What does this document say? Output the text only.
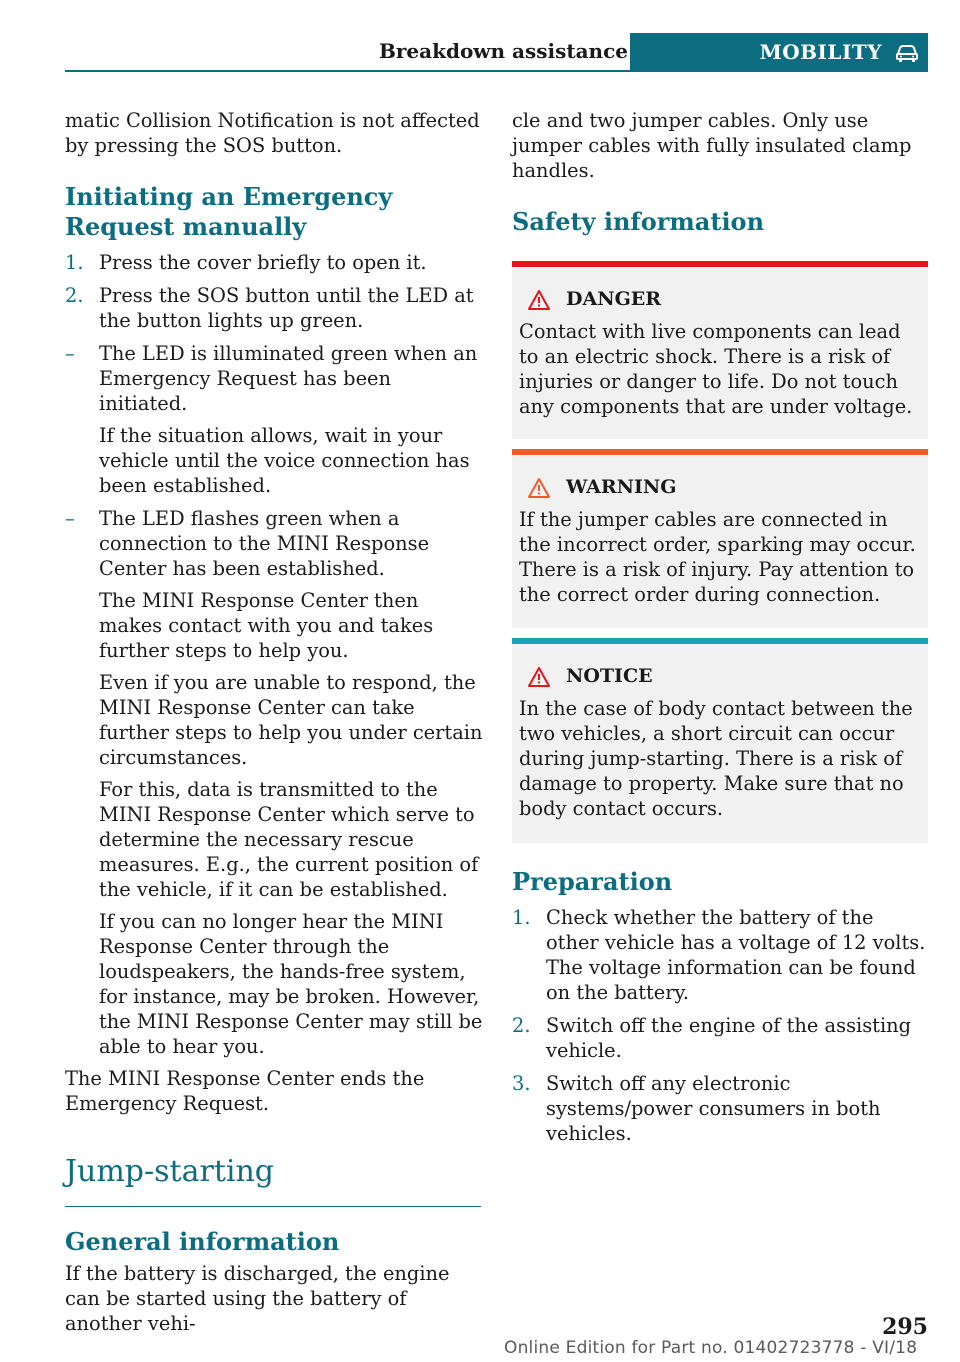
Breakdown assistance	MOBILITY

matic Collision Notification is not affected by pressing the SOS button.

Initiating an Emergency Request manually
1. Press the cover briefly to open it.
2. Press the SOS button until the LED at the button lights up green.
–	The LED is illuminated green when an Emergency Request has been initiated.

If the situation allows, wait in your vehicle until the voice connection has been established.

–	The LED flashes green when a connection to the MINI Response Center has been established.

The MINI Response Center then makes contact with you and takes further steps to help you.

Even if you are unable to respond, the MINI Response Center can take further steps to help you under certain circumstances.

For this, data is transmitted to the MINI Response Center which serve to determine the necessary rescue measures. E.g., the current position of the vehicle, if it can be established.

If you can no longer hear the MINI Response Center through the loudspeakers, the hands-free system, for instance, may be broken. However, the MINI Response Center may still be able to hear you.

The MINI Response Center ends the Emergency Request.

Jump-starting
General information

If the battery is discharged, the engine can be started using the battery of another vehi-

cle and two jumper cables. Only use jumper cables with fully insulated clamp handles.

Safety information
DANGER

Contact with live components can lead to an electric shock. There is a risk of injuries or danger to life. Do not touch any components that are under voltage.

WARNING

If the jumper cables are connected in the incorrect order, sparking may occur. There is a risk of injury. Pay attention to the correct order during connection.

NOTICE

In the case of body contact between the two vehicles, a short circuit can occur during jump-starting. There is a risk of damage to property. Make sure that no body contact occurs.

Preparation
1. Check whether the battery of the other vehicle has a voltage of 12 volts. The voltage information can be found on the battery.
2. Switch off the engine of the assisting vehicle.
3. Switch off any electronic systems/power consumers in both vehicles.
295
Online Edition for Part no. 01402723778 - VI/18
